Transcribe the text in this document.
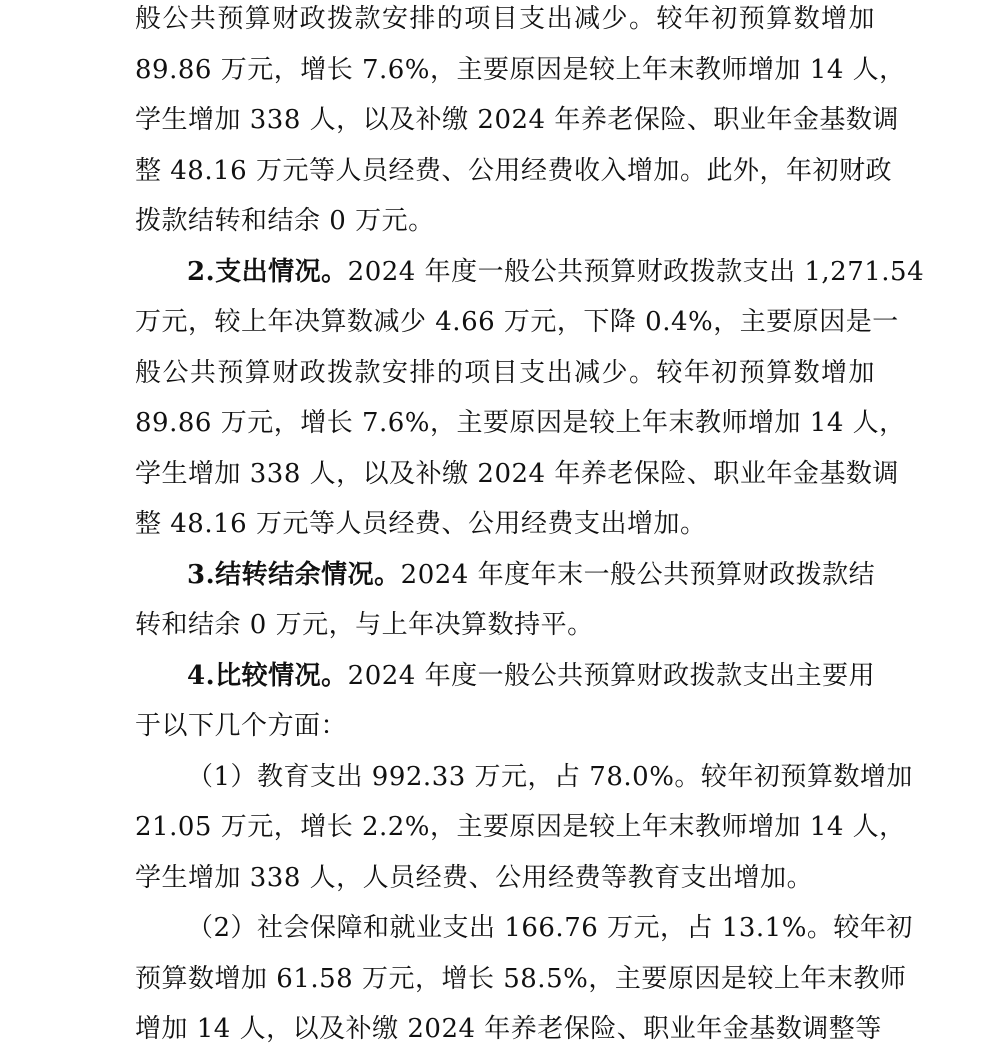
般公共预算财政拨款安排的项目支出减少。较年初预算数增加
89.86 万元，增长 7.6%，主要原因是较上年末教师增加 14 人，
学生增加 338 人，以及补缴 2024 年养老保险、职业年金基数调
整 48.16 万元等人员经费、公用经费收入增加。此外，年初财政
拨款结转和结余 0 万元。
2.支出情况。2024 年度一般公共预算财政拨款支出 1,271.54
万元，较上年决算数减少 4.66 万元，下降 0.4%，主要原因是一
般公共预算财政拨款安排的项目支出减少。较年初预算数增加
89.86 万元，增长 7.6%，主要原因是较上年末教师增加 14 人，
学生增加 338 人，以及补缴 2024 年养老保险、职业年金基数调
整 48.16 万元等人员经费、公用经费支出增加。
3.结转结余情况。2024 年度年末一般公共预算财政拨款结
转和结余 0 万元，与上年决算数持平。
4.比较情况。2024 年度一般公共预算财政拨款支出主要用
于以下几个方面：
（1）教育支出 992.33 万元，占 78.0%。较年初预算数增加
21.05 万元，增长 2.2%，主要原因是较上年末教师增加 14 人，
学生增加 338 人，人员经费、公用经费等教育支出增加。
（2）社会保障和就业支出 166.76 万元，占 13.1%。较年初
预算数增加 61.58 万元，增长 58.5%，主要原因是较上年末教师
增加 14 人，以及补缴 2024 年养老保险、职业年金基数调整等
